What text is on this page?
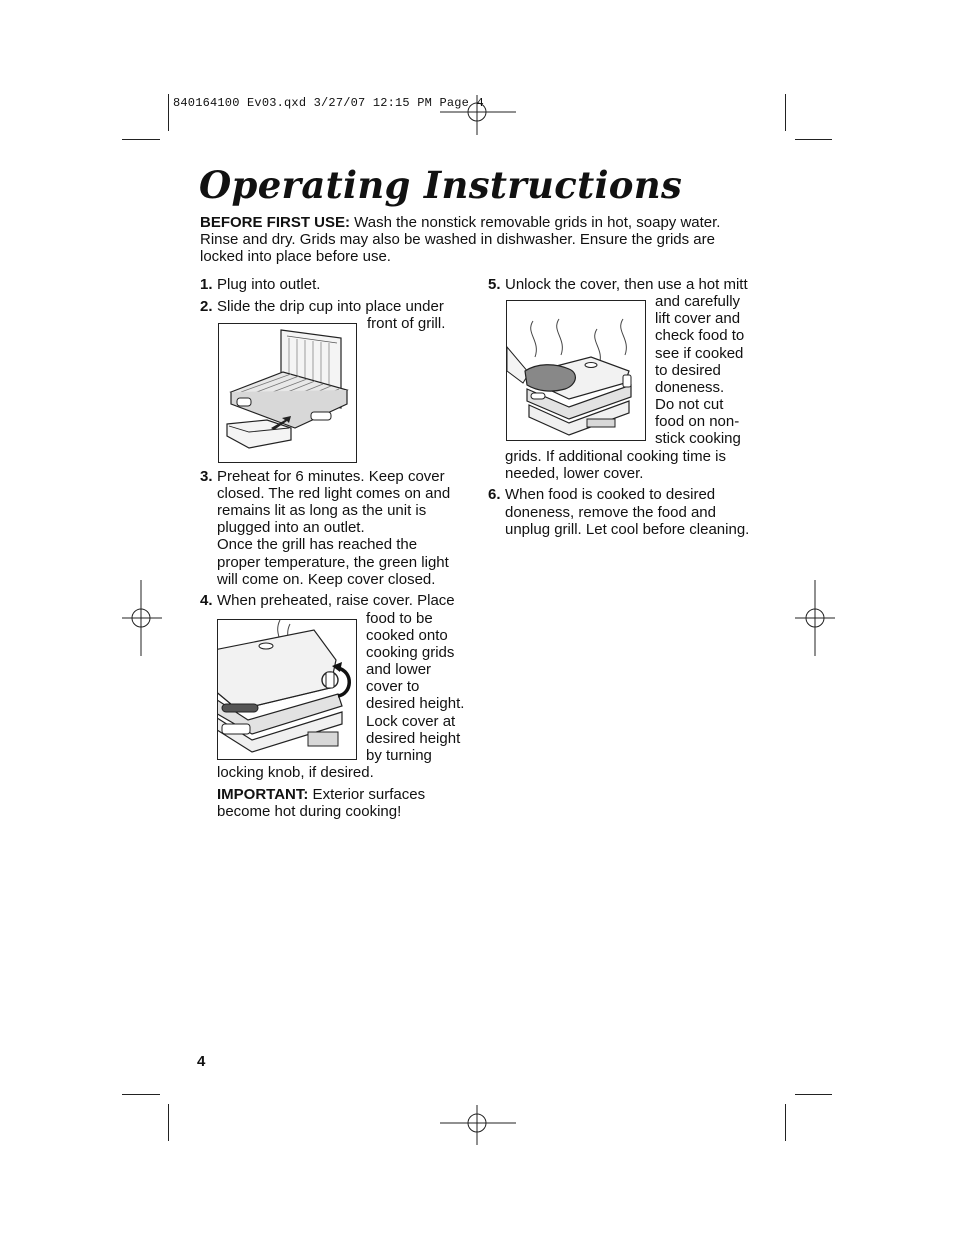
840164100 Ev03.qxd 3/27/07 12:15 PM Page 4
Operating Instructions
BEFORE FIRST USE: Wash the nonstick removable grids in hot, soapy water.
Rinse and dry. Grids may also be washed in dishwasher. Ensure the grids are
locked into place before use.
1. Plug into outlet.
2. Slide the drip cup into place under
front of grill.
3. Preheat for 6 minutes. Keep cover
closed. The red light comes on and
remains lit as long as the unit is
plugged into an outlet.
Once the grill has reached the
proper temperature, the green light
will come on. Keep cover closed.
4. When preheated, raise cover. Place
food to be
cooked onto
cooking grids
and lower
cover to
desired height.
Lock cover at
desired height
by turning
locking knob, if desired.
IMPORTANT: Exterior surfaces
become hot during cooking!
5. Unlock the cover, then use a hot mitt
and carefully
lift cover and
check food to
see if cooked
to desired
doneness.
Do not cut
food on non-
stick cooking
grids. If additional cooking time is
needed, lower cover.
6. When food is cooked to desired
doneness, remove the food and
unplug grill. Let cool before cleaning.
4
